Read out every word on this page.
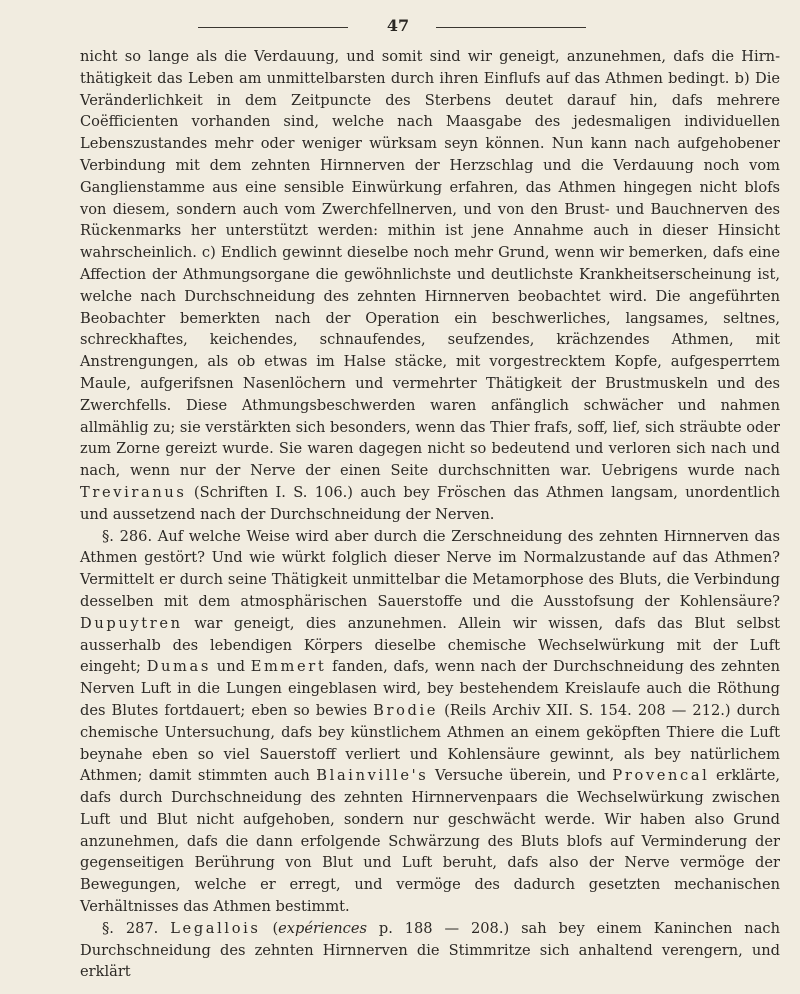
47

nicht so lange als die Verdauung, und somit sind wir geneigt, anzunehmen, dafs die Hirn-thätigkeit das Leben am unmittelbarsten durch ihren Einflufs auf das Athmen bedingt. b) Die Veränderlichkeit in dem Zeitpuncte des Sterbens deutet darauf hin, dafs mehrere Coëfficienten vorhanden sind, welche nach Maasgabe des jedesmaligen individuellen Lebenszustandes mehr oder weniger würksam seyn können. Nun kann nach aufgehobener Verbindung mit dem zehnten Hirnnerven der Herzschlag und die Verdauung noch vom Ganglienstamme aus eine sensible Einwürkung erfahren, das Athmen hingegen nicht blofs von diesem, sondern auch vom Zwerchfellnerven, und von den Brust- und Bauchnerven des Rückenmarks her unterstützt werden: mithin ist jene Annahme auch in dieser Hinsicht wahrscheinlich. c) Endlich gewinnt dieselbe noch mehr Grund, wenn wir bemerken, dafs eine Affection der Athmungsorgane die gewöhnlichste und deutlichste Krankheitserscheinung ist, welche nach Durchschneidung des zehnten Hirnnerven beobachtet wird. Die angeführten Beobachter bemerkten nach der Operation ein beschwerliches, langsames, seltnes, schreckhaftes, keichendes, schnaufendes, seufzendes, krächzendes Athmen, mit Anstrengungen, als ob etwas im Halse stäcke, mit vorgestrecktem Kopfe, aufgesperrtem Maule, aufgerifsnen Nasenlöchern und vermehrter Thätigkeit der Brustmuskeln und des Zwerchfells. Diese Athmungsbeschwerden waren anfänglich schwächer und nahmen allmählig zu; sie verstärkten sich besonders, wenn das Thier frafs, soff, lief, sich sträubte oder zum Zorne gereizt wurde. Sie waren dagegen nicht so bedeutend und verloren sich nach und nach, wenn nur der Nerve der einen Seite durchschnitten war. Uebrigens wurde nach Treviranus (Schriften I. S. 106.) auch bey Fröschen das Athmen langsam, unordentlich und aussetzend nach der Durchschneidung der Nerven.

§. 286. Auf welche Weise wird aber durch die Zerschneidung des zehnten Hirnnerven das Athmen gestört? Und wie würkt folglich dieser Nerve im Normalzustande auf das Athmen? Vermittelt er durch seine Thätigkeit unmittelbar die Metamorphose des Bluts, die Verbindung desselben mit dem atmosphärischen Sauerstoffe und die Ausstofsung der Kohlensäure? Dupuytren war geneigt, dies anzunehmen. Allein wir wissen, dafs das Blut selbst ausserhalb des lebendigen Körpers dieselbe chemische Wechselwürkung mit der Luft eingeht; Dumas und Emmert fanden, dafs, wenn nach der Durchschneidung des zehnten Nerven Luft in die Lungen eingeblasen wird, bey bestehendem Kreislaufe auch die Röthung des Blutes fortdauert; eben so bewies Brodie (Reils Archiv XII. S. 154. 208 — 212.) durch chemische Untersuchung, dafs bey künstlichem Athmen an einem geköpften Thiere die Luft beynahe eben so viel Sauerstoff verliert und Kohlensäure gewinnt, als bey natürlichem Athmen; damit stimmten auch Blainville's Versuche überein, und Provencal erklärte, dafs durch Durchschneidung des zehnten Hirnnervenpaars die Wechselwürkung zwischen Luft und Blut nicht aufgehoben, sondern nur geschwächt werde. Wir haben also Grund anzunehmen, dafs die dann erfolgende Schwärzung des Bluts blofs auf Verminderung der gegenseitigen Berührung von Blut und Luft beruht, dafs also der Nerve vermöge der Bewegungen, welche er erregt, und vermöge des dadurch gesetzten mechanischen Verhältnisses das Athmen bestimmt.

§. 287. Legallois (expériences p. 188 — 208.) sah bey einem Kaninchen nach Durchschneidung des zehnten Hirnnerven die Stimmritze sich anhaltend verengern, und erklärt
